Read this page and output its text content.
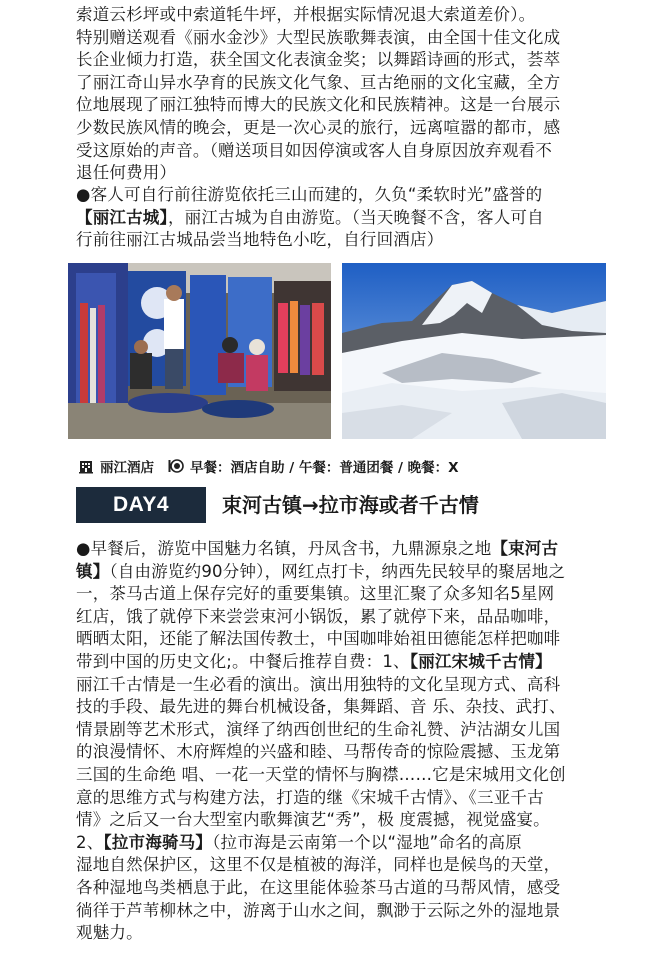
索道云杉坪或中索道牦牛坪，并根据实际情况退大索道差价）。
特别赠送观看《丽水金沙》大型民族歌舞表演，由全国十佳文化成
长企业倾力打造，获全国文化表演金奖；以舞蹈诗画的形式，荟萃
了丽江奇山异水孕育的民族文化气象、亘古绝丽的文化宝藏，全方
位地展现了丽江独特而博大的民族文化和民族精神。这是一台展示
少数民族风情的晚会，更是一次心灵的旅行，远离喧嚣的都市，感
受这原始的声音。（赠送项目如因停演或客人自身原因放弃观看不
退任何费用）
●客人可自行前往游览依托三山而建的，久负“柔软时光”盛誉的
【丽江古城】，丽江古城为自由游览。（当天晚餐不含，客人可自
行前往丽江古城品尝当地特色小吃，自行回酒店）
丽江酒店	早餐：酒店自助 / 午餐：普通团餐 / 晚餐：X
DAY4	束河古镇→拉市海或者千古情
●早餐后，游览中国魅力名镇，丹凤含书，九鼎源泉之地【束河古
镇】（自由游览约90分钟），网红点打卡，纳西先民较早的聚居地之
一，茶马古道上保存完好的重要集镇。这里汇聚了众多知名5星网
红店，饿了就停下来尝尝束河小锅饭，累了就停下来，品品咖啡，
晒晒太阳，还能了解法国传教士，中国咖啡始祖田德能怎样把咖啡
带到中国的历史文化;。中餐后推荐自费：1、【丽江宋城千古情】
丽江千古情是一生必看的演出。演出用独特的文化呈现方式、高科
技的手段、最先进的舞台机械设备，集舞蹈、音 乐、杂技、武打、
情景剧等艺术形式，演绎了纳西创世纪的生命礼赞、泸沽湖女儿国
的浪漫情怀、木府辉煌的兴盛和睦、马帮传奇的惊险震撼、玉龙第
三国的生命绝 唱、一花一天堂的情怀与胸襟……它是宋城用文化创
意的思维方式与构建方法，打造的继《宋城千古情》、《三亚千古
情》之后又一台大型室内歌舞演艺“秀”，极 度震撼，视觉盛宴。
2、【拉市海骑马】（拉市海是云南第一个以“湿地”命名的高原
湿地自然保护区，这里不仅是植被的海洋，同样也是候鸟的天堂，
各种湿地鸟类栖息于此，在这里能体验茶马古道的马帮风情，感受
徜徉于芦苇柳林之中，游离于山水之间，飘渺于云际之外的湿地景
观魅力。
